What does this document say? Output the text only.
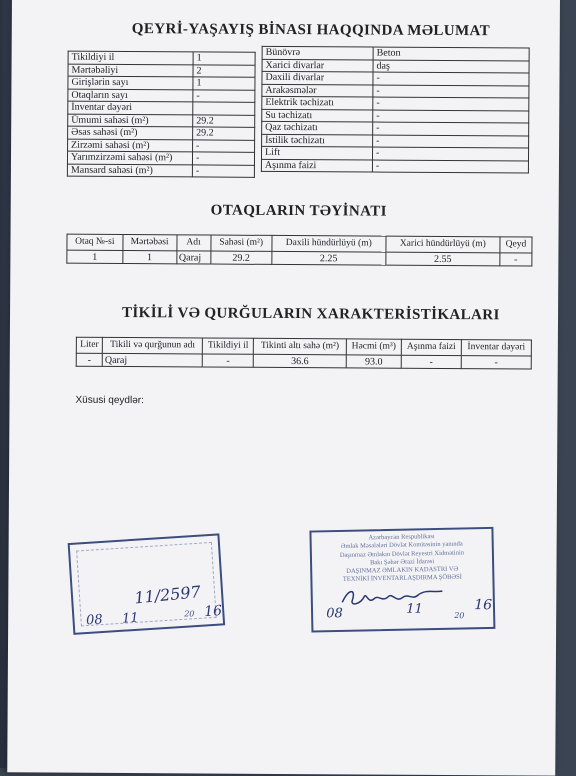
QEYRİ-YAŞAYIŞ BİNASI HAQQINDA MƏLUMAT
Tikildiyi il	1
Mərtəbəliyi	2
Girişlərin sayı	1
Otaqların sayı	-
İnventar dəyəri	
Ümumi sahəsi (m²)	29.2
Əsas sahəsi (m²)	29.2
Zirzəmi sahəsi (m²)	-
Yarımzirzəmi sahəsi (m²)	-
Mansard sahəsi (m²)	-
Bünövrə	Beton
Xarici divarlar	daş
Daxili divarlar	-
Arakəsmələr	-
Elektrik təchizatı	-
Su təchizatı	-
Qaz təchizatı	-
İstilik təchizatı	-
Lift	-
Aşınma faizi	-
OTAQLARIN TƏYİNATI
Otaq №-si	Mərtəbəsi	Adı	Sahəsi (m²)	Daxili hündürlüyü (m)	Xarici hündürlüyü (m)	Qeyd
1	1	Qaraj	29.2	2.25	2.55	-
TİKİLİ VƏ QURĞULARIN XARAKTERİSTİKALARI
Liter	Tikili və qurğunun adı	Tikildiyi il	Tikinti altı sahə (m²)	Həcmi (m³)	Aşınma faizi	İnventar dəyəri
-	Qaraj	-	36.6	93.0	-	-
Xüsusi qeydlər:
11/2597
08 11	20 16
Azərbaycan Respublikası
Əmlak Məsələləri Dövlət Komitəsinin yanında
Daşınmaz Əmlakın Dövlət Reyestri Xidmətinin
Bakı Şəhər Ərazi İdarəsi
DAŞINMAZ ƏMLAKIN KADASTRI VƏ
TEXNİKİ İNVENTARLAŞDIRMA ŞÖBƏSİ
08	11	20
16
